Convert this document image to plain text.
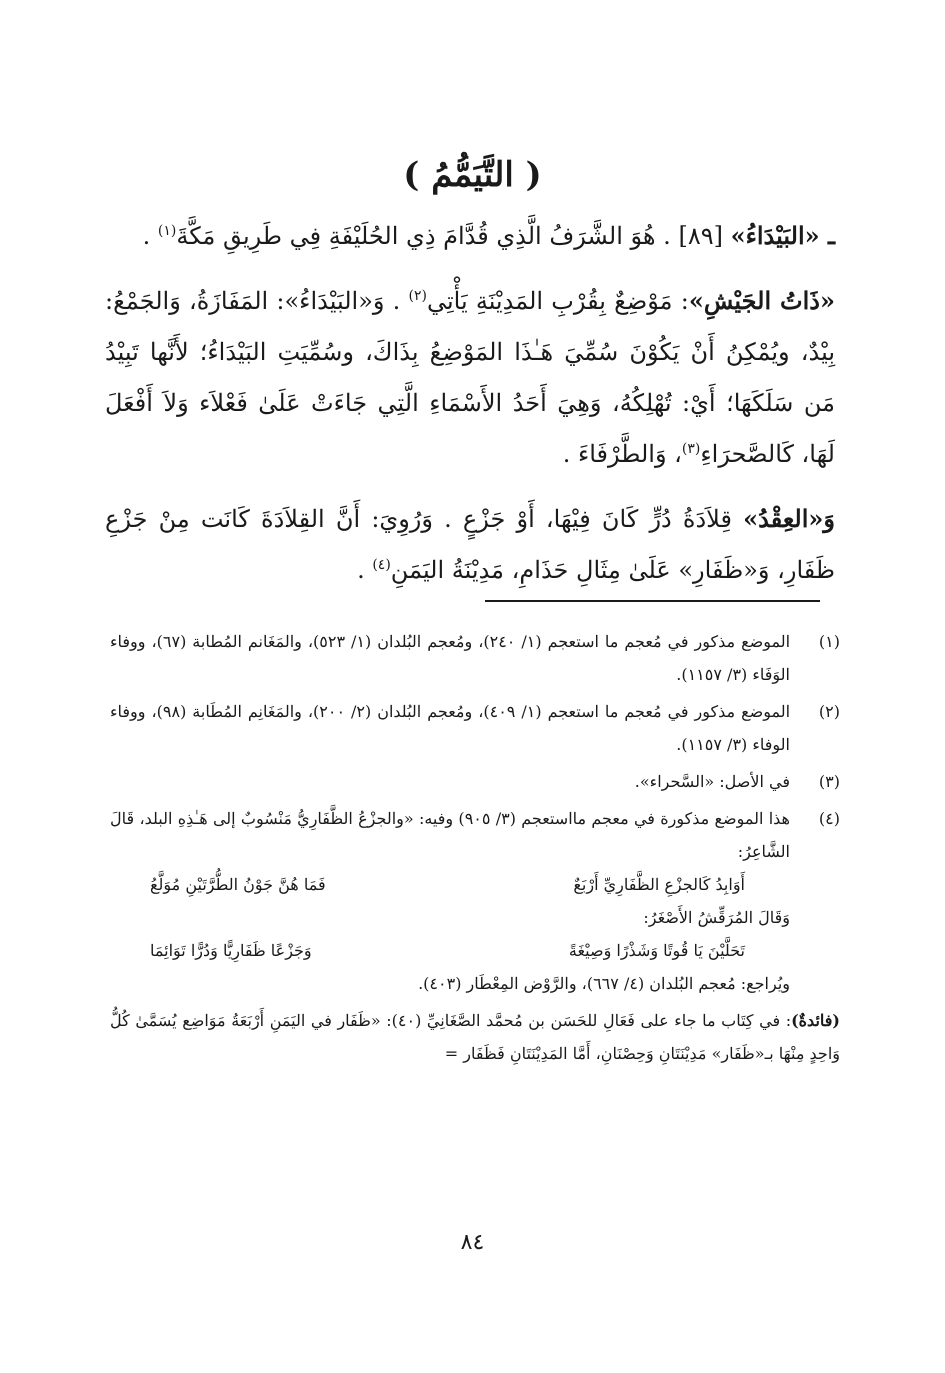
( التَّيَمُّمُ )

ـ «البَيْدَاءُ» [٨٩] . هُوَ الشَّرَفُ الَّذِي قُدَّامَ ذِي الحُلَيْفَةِ فِي طَرِيقِ مَكَّةَ$^{(١)}$ .

«ذَاتُ الجَيْشِ»: مَوْضِعٌ بِقُرْبِ المَدِيْنَةِ يَأْتِي$^{(٢)}$ . وَ«البَيْدَاءُ»: المَفَازَةُ، وَالجَمْعُ: بِيْدٌ، ويُمْكِنُ أَنْ يَكُوْنَ سُمِّيَ هَـٰذَا المَوْضِعُ بِذَاكَ، وسُمِّيَتِ البَيْدَاءُ؛ لأَنَّها تَبِيْدُ مَن سَلَكَهَا؛ أَيْ: تُهْلِكُهُ، وَهِيَ أَحَدُ الأَسْمَاءِ الَّتِي جَاءَتْ عَلَىٰ فَعْلاَء وَلاَ أَفْعَلَ لَهَا، كَالصَّحرَاءِ$^{(٣)}$، وَالطَّرْفَاءَ .

وَ«العِقْدُ» قِلاَدَةُ دُرٍّ كَانَ فِيْهَا، أَوْ جَزْعٍ . وَرُوِيَ: أَنَّ القِلاَدَةَ كَانَت مِنْ جَزْعِ ظَفَارِ، وَ«ظَفَارِ» عَلَىٰ مِثَالِ حَذَامِ، مَدِيْنَةُ اليَمَنِ$^{(٤)}$ .

(١)

الموضع مذكور في مُعجم ما استعجم (١/ ٢٤٠)، ومُعجم البُلدان (١/ ٥٢٣)، والمَغَانم المُطابة (٦٧)، ووفاء الوَفَاء (٣/ ١١٥٧).

(٢)

الموضع مذكور في مُعجم ما استعجم (١/ ٤٠٩)، ومُعجم البُلدان (٢/ ٢٠٠)، والمَغَانِم المُطَابة (٩٨)، ووفاء الوفاء (٣/ ١١٥٧).

(٣)

في الأصل: «السَّحراء».

(٤)

هذا الموضع مذكورة في معجم مااستعجم (٣/ ٩٠٥) وفيه: «والجزْعُ الظَّفَارِيُّ مَنْسُوبٌ إلى هَـٰذِهِ البلد، قَالَ الشَّاعِرُ:

أَوَابِدُ كَالجزْعِ الظَّفَارِيِّ أَرْبَعٌ
فَمَا هُنَّ جَوْنُ الطُّرَّتَيْنِ مُوَلَّعُ

وَقَالَ المُرَقِّشُ الأَصْغَرُ:

تَحَلَّيْنَ يَا قُوتًا وَشَذْرًا وَصِيْغَةً
وَجَزْعًا ظَفَارِيًّا وَدُرًّا تَوَائِمَا

ويُراجع: مُعجم البُلدان (٤/ ٦٦٧)، والرَّوْض المِعْطَار (٤٠٣).

(فائدةٌ): في كِتَاب ما جاء على فَعَالِ للحَسَن بن مُحمَّد الصَّغَانِيِّ (٤٠): «ظَفَار في اليَمَنِ أَرْبَعَةُ مَوَاضِع يُسَمَّىٰ كُلُّ وَاحِدٍ مِنْهَا بـ«ظَفَار» مَدِيْنَتَانِ وَحِصْنَانِ، أَمَّا المَدِيْنَتَانِ فَظَفَار =

٨٤
